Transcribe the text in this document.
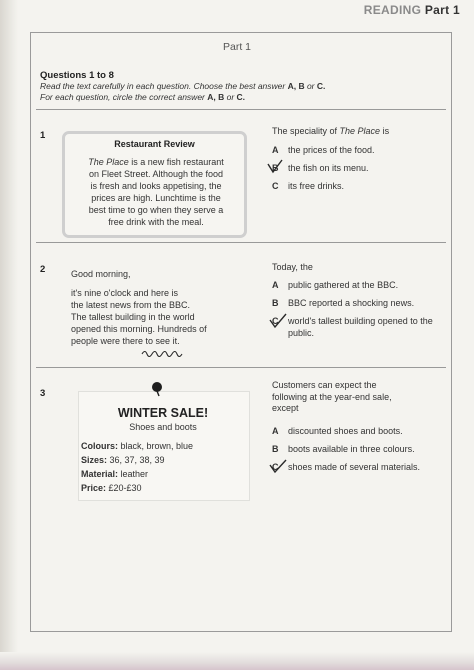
READING Part 1
Part 1
Questions 1 to 8
Read the text carefully in each question. Choose the best answer A, B or C.
For each question, circle the correct answer A, B or C.
1
Restaurant Review
The Place is a new fish restaurant
on Fleet Street. Although the food
is fresh and looks appetising, the
prices are high. Lunchtime is the
best time to go when they serve a
free drink with the meal.
The speciality of The Place is
A the prices of the food.
B the fish on its menu.
C its free drinks.
2	Good morning,
it's nine o'clock and here is
the latest news from the BBC.
The tallest building in the world
opened this morning. Hundreds of
people were there to see it.
Today, the
A public gathered at the BBC.
B BBC reported a shocking news.
C world's tallest building opened to the public.
3
WINTER SALE!
Shoes and boots
Colours: black, brown, blue
Sizes: 36, 37, 38, 39
Material: leather
Price: £20-£30
Customers can expect the
following at the year-end sale,
except
A discounted shoes and boots.
B boots available in three colours.
C shoes made of several materials.
